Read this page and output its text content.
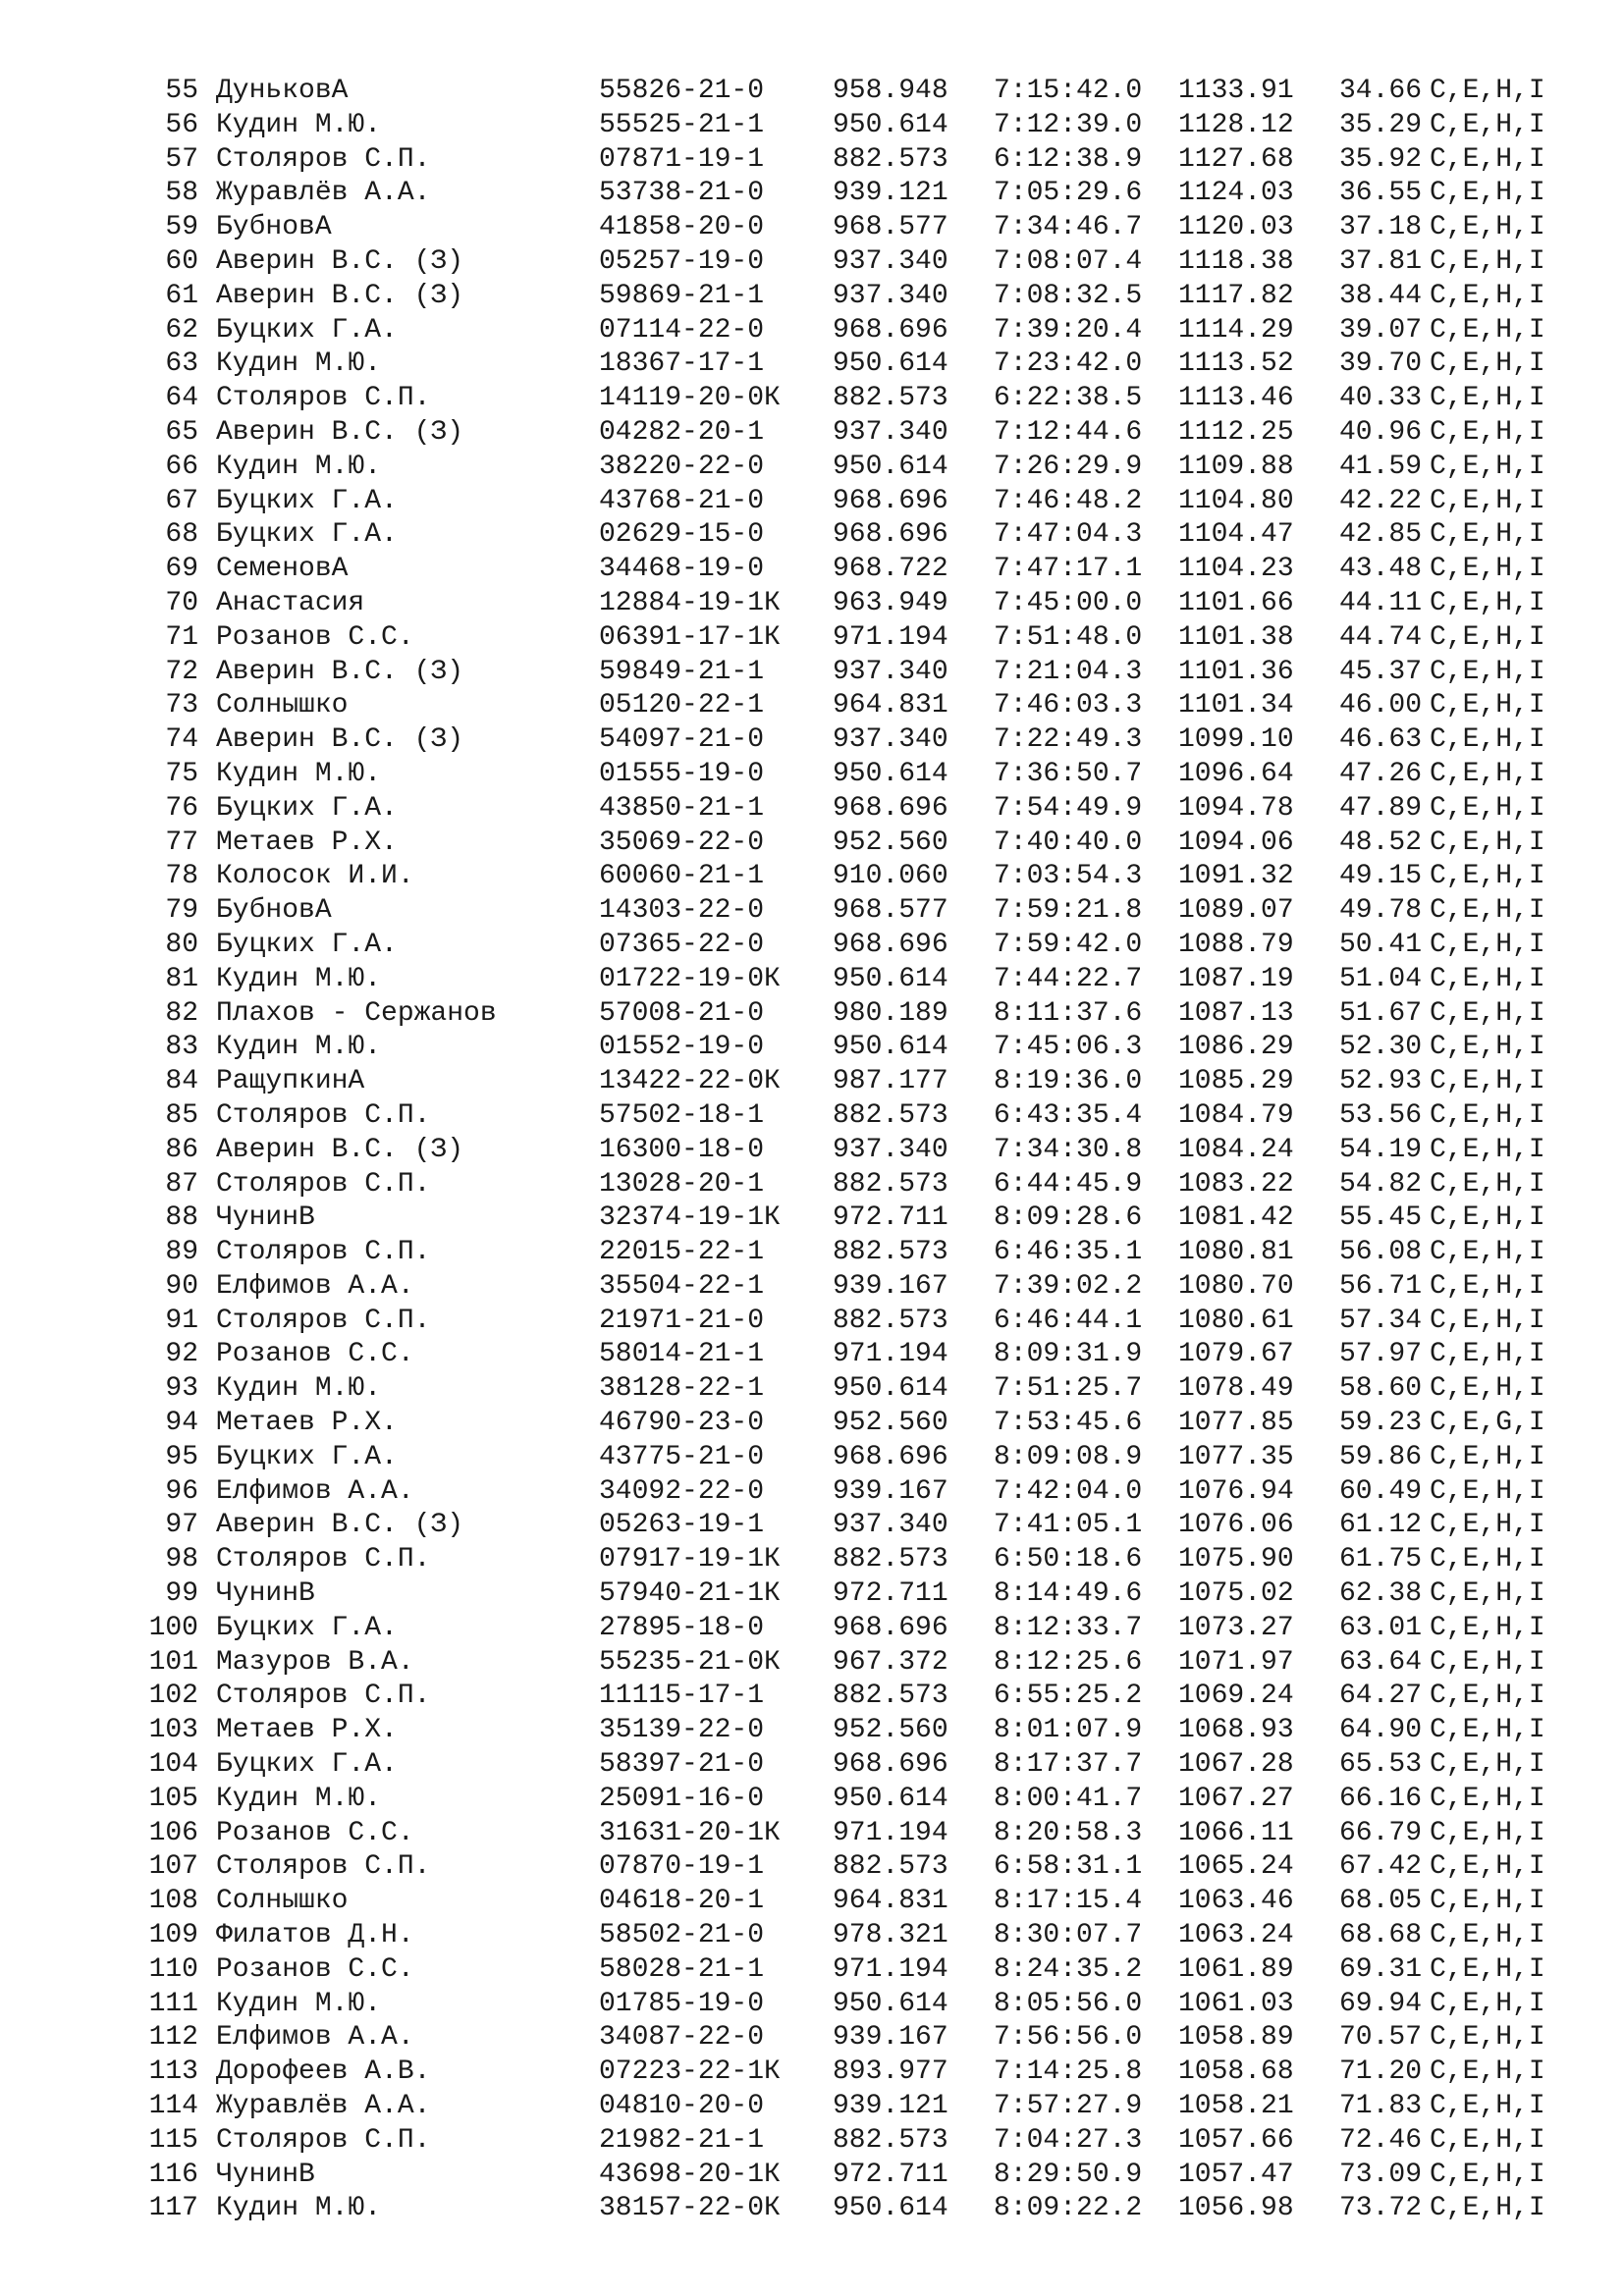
55 ДуньковА	55826-21-0 958.948 7:15:42.0 1133.91 34.66 C,E,H,I
56 Кудин М.Ю.	55525-21-1 950.614 7:12:39.0 1128.12 35.29 C,E,H,I
57 Столяров С.П.	07871-19-1 882.573 6:12:38.9 1127.68 35.92 C,E,H,I
58 Журавлёв А.А.	53738-21-0 939.121 7:05:29.6 1124.03 36.55 C,E,H,I
59 БубновА	41858-20-0 968.577 7:34:46.7 1120.03 37.18 C,E,H,I
60 Аверин В.С. (З)	05257-19-0 937.340 7:08:07.4 1118.38 37.81 C,E,H,I
61 Аверин В.С. (З)	59869-21-1 937.340 7:08:32.5 1117.82 38.44 C,E,H,I
62 Буцких Г.А.	07114-22-0 968.696 7:39:20.4 1114.29 39.07 C,E,H,I
63 Кудин М.Ю.	18367-17-1 950.614 7:23:42.0 1113.52 39.70 C,E,H,I
64 Столяров С.П.	14119-20-0К 882.573 6:22:38.5 1113.46 40.33 C,E,H,I
65 Аверин В.С. (З)	04282-20-1 937.340 7:12:44.6 1112.25 40.96 C,E,H,I
66 Кудин М.Ю.	38220-22-0 950.614 7:26:29.9 1109.88 41.59 C,E,H,I
67 Буцких Г.А.	43768-21-0 968.696 7:46:48.2 1104.80 42.22 C,E,H,I
68 Буцких Г.А.	02629-15-0 968.696 7:47:04.3 1104.47 42.85 C,E,H,I
69 СеменовА	34468-19-0 968.722 7:47:17.1 1104.23 43.48 C,E,H,I
70 Анастасия	12884-19-1К 963.949 7:45:00.0 1101.66 44.11 C,E,H,I
71 Розанов С.С.	06391-17-1К 971.194 7:51:48.0 1101.38 44.74 C,E,H,I
72 Аверин В.С. (З)	59849-21-1 937.340 7:21:04.3 1101.36 45.37 C,E,H,I
73 Солнышко	05120-22-1 964.831 7:46:03.3 1101.34 46.00 C,E,H,I
74 Аверин В.С. (З)	54097-21-0 937.340 7:22:49.3 1099.10 46.63 C,E,H,I
75 Кудин М.Ю.	01555-19-0 950.614 7:36:50.7 1096.64 47.26 C,E,H,I
76 Буцких Г.А.	43850-21-1 968.696 7:54:49.9 1094.78 47.89 C,E,H,I
77 Метаев Р.Х.	35069-22-0 952.560 7:40:40.0 1094.06 48.52 C,E,H,I
78 Колосок И.И.	60060-21-1 910.060 7:03:54.3 1091.32 49.15 C,E,H,I
79 БубновА	14303-22-0 968.577 7:59:21.8 1089.07 49.78 C,E,H,I
80 Буцких Г.А.	07365-22-0 968.696 7:59:42.0 1088.79 50.41 C,E,H,I
81 Кудин М.Ю.	01722-19-0К 950.614 7:44:22.7 1087.19 51.04 C,E,H,I
82 Плахов - Сержанов	57008-21-0 980.189 8:11:37.6 1087.13 51.67 C,E,H,I
83 Кудин М.Ю.	01552-19-0 950.614 7:45:06.3 1086.29 52.30 C,E,H,I
84 РащупкинА	13422-22-0К 987.177 8:19:36.0 1085.29 52.93 C,E,H,I
85 Столяров С.П.	57502-18-1 882.573 6:43:35.4 1084.79 53.56 C,E,H,I
86 Аверин В.С. (З)	16300-18-0 937.340 7:34:30.8 1084.24 54.19 C,E,H,I
87 Столяров С.П.	13028-20-1 882.573 6:44:45.9 1083.22 54.82 C,E,H,I
88 ЧунинВ	32374-19-1К 972.711 8:09:28.6 1081.42 55.45 C,E,H,I
89 Столяров С.П.	22015-22-1 882.573 6:46:35.1 1080.81 56.08 C,E,H,I
90 Елфимов А.А.	35504-22-1 939.167 7:39:02.2 1080.70 56.71 C,E,H,I
91 Столяров С.П.	21971-21-0 882.573 6:46:44.1 1080.61 57.34 C,E,H,I
92 Розанов С.С.	58014-21-1 971.194 8:09:31.9 1079.67 57.97 C,E,H,I
93 Кудин М.Ю.	38128-22-1 950.614 7:51:25.7 1078.49 58.60 C,E,H,I
94 Метаев Р.Х.	46790-23-0 952.560 7:53:45.6 1077.85 59.23 C,E,G,I
95 Буцких Г.А.	43775-21-0 968.696 8:09:08.9 1077.35 59.86 C,E,H,I
96 Елфимов А.А.	34092-22-0 939.167 7:42:04.0 1076.94 60.49 C,E,H,I
97 Аверин В.С. (З)	05263-19-1 937.340 7:41:05.1 1076.06 61.12 C,E,H,I
98 Столяров С.П.	07917-19-1К 882.573 6:50:18.6 1075.90 61.75 C,E,H,I
99 ЧунинВ	57940-21-1К 972.711 8:14:49.6 1075.02 62.38 C,E,H,I
100 Буцких Г.А.	27895-18-0 968.696 8:12:33.7 1073.27 63.01 C,E,H,I
101 Мазуров В.А.	55235-21-0К 967.372 8:12:25.6 1071.97 63.64 C,E,H,I
102 Столяров С.П.	11115-17-1 882.573 6:55:25.2 1069.24 64.27 C,E,H,I
103 Метаев Р.Х.	35139-22-0 952.560 8:01:07.9 1068.93 64.90 C,E,H,I
104 Буцких Г.А.	58397-21-0 968.696 8:17:37.7 1067.28 65.53 C,E,H,I
105 Кудин М.Ю.	25091-16-0 950.614 8:00:41.7 1067.27 66.16 C,E,H,I
106 Розанов С.С.	31631-20-1К 971.194 8:20:58.3 1066.11 66.79 C,E,H,I
107 Столяров С.П.	07870-19-1 882.573 6:58:31.1 1065.24 67.42 C,E,H,I
108 Солнышко	04618-20-1 964.831 8:17:15.4 1063.46 68.05 C,E,H,I
109 Филатов Д.Н.	58502-21-0 978.321 8:30:07.7 1063.24 68.68 C,E,H,I
110 Розанов С.С.	58028-21-1 971.194 8:24:35.2 1061.89 69.31 C,E,H,I
111 Кудин М.Ю.	01785-19-0 950.614 8:05:56.0 1061.03 69.94 C,E,H,I
112 Елфимов А.А.	34087-22-0 939.167 7:56:56.0 1058.89 70.57 C,E,H,I
113 Дорофеев А.В.	07223-22-1К 893.977 7:14:25.8 1058.68 71.20 C,E,H,I
114 Журавлёв А.А.	04810-20-0 939.121 7:57:27.9 1058.21 71.83 C,E,H,I
115 Столяров С.П.	21982-21-1 882.573 7:04:27.3 1057.66 72.46 C,E,H,I
116 ЧунинВ	43698-20-1К 972.711 8:29:50.9 1057.47 73.09 C,E,H,I
117 Кудин М.Ю.	38157-22-0К 950.614 8:09:22.2 1056.98 73.72 C,E,H,I
